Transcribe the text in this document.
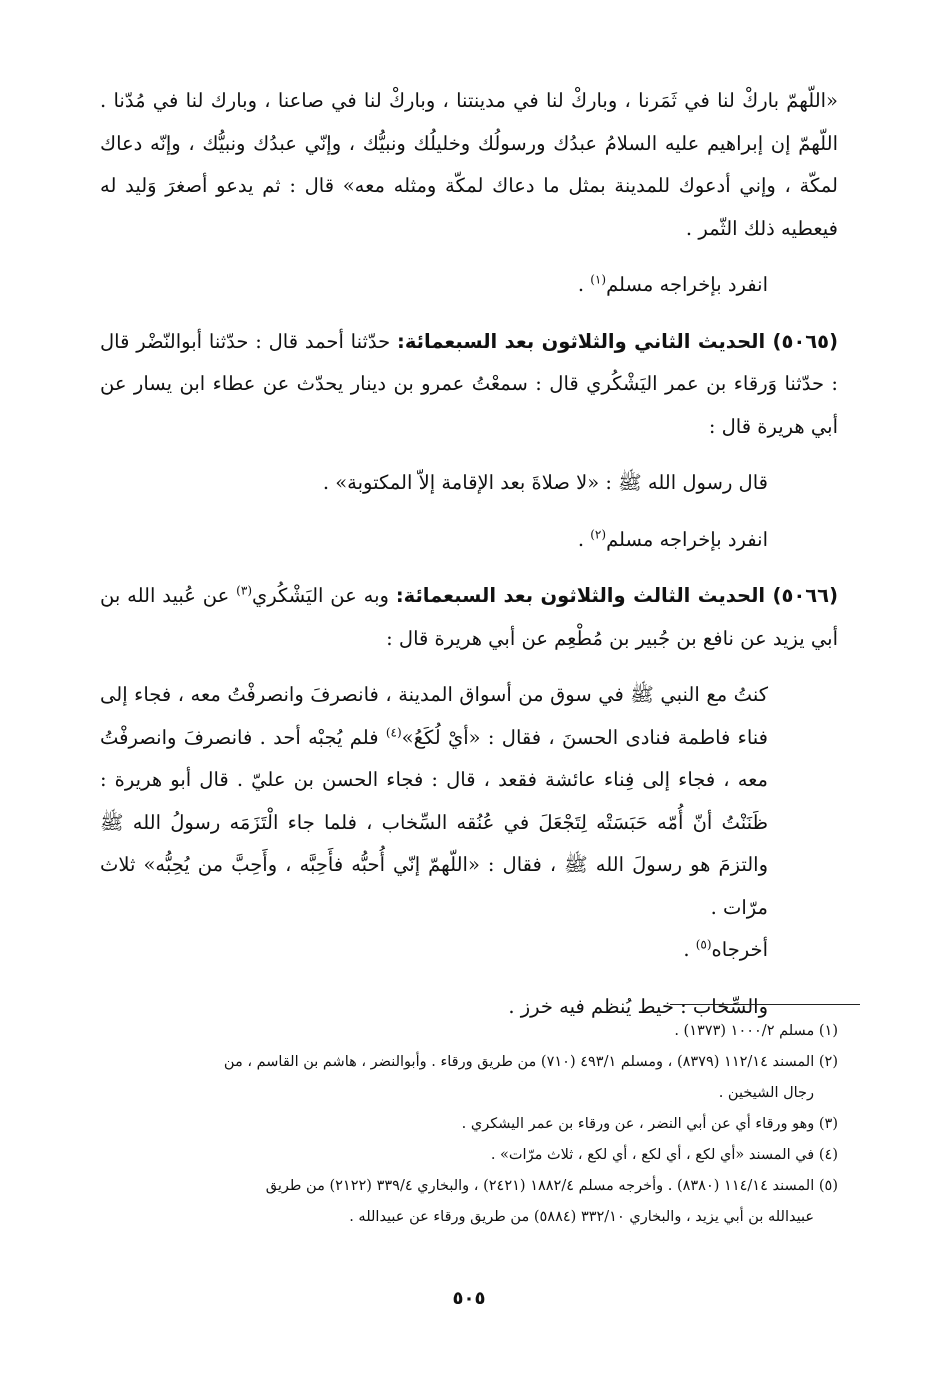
«اللّهمّ باركْ لنا في ثَمَرنا ، وباركْ لنا في مدينتنا ، وباركْ لنا في صاعنا ، وبارك لنا في مُدّنا . اللّهمّ إن إبراهيم عليه السلامُ عبدُك ورسولُك وخليلُك ونبيُّك ، وإنّي عبدُك ونبيُّك ، وإنّه دعاك لمكّة ، وإني أدعوك للمدينة بمثل ما دعاك لمكّة ومثله معه» قال : ثم يدعو أصغرَ وَليد له فيعطيه ذلك الثّمر .

انفرد بإخراجه مسلم$^{(١)}$ .

(٥٠٦٥) الحديث الثاني والثلاثون بعد السبعمائة: حدّثنا أحمد قال : حدّثنا أبوالنّضْر قال : حدّثنا وَرقاء بن عمر اليَشْكُري قال : سمعْتُ عمرو بن دينار يحدّث عن عطاء ابن يسار عن أبي هريرة قال :

قال رسول الله ﷺ : «لا صلاةَ بعد الإقامة إلاّ المكتوبة» .

انفرد بإخراجه مسلم$^{(٢)}$ .

(٥٠٦٦) الحديث الثالث والثلاثون بعد السبعمائة: وبه عن اليَشْكُري$^{(٣)}$ عن عُبيد الله بن أبي يزيد عن نافع بن جُبير بن مُطْعِم عن أبي هريرة قال :

كنتُ مع النبي ﷺ في سوق من أسواق المدينة ، فانصرفَ وانصرفْتُ معه ، فجاء إلى فناء فاطمة فنادى الحسنَ ، فقال : «أيْ لُكَعُ»$^{(٤)}$ فلم يُجبْه أحد . فانصرفَ وانصرفْتُ معه ، فجاء إلى فِناء عائشة فقعد ، قال : فجاء الحسن بن عليّ . قال أبو هريرة : ظَنَنْتُ أنّ أُمّه حَبَسَتْه لِتَجْعَلَ في عُنُقه السِّخاب ، فلما جاء الْتَزَمَه رسولُ الله ﷺ والتزمَ هو رسولَ الله ﷺ ، فقال : «اللّهمّ إنّي أُحبُّه فأَحِبَّه ، وأَحِبَّ من يُحِبُّه» ثلاث مرّات .

أخرجاه$^{(٥)}$ .

والسِّخاب : خيط يُنظم فيه خرز .

(١) مسلم ١٠٠٠/٢ (١٣٧٣) .

(٢) المسند ١١٢/١٤ (٨٣٧٩) ، ومسلم ٤٩٣/١ (٧١٠) من طريق ورقاء . وأبوالنضر ، هاشم بن القاسم ، من

رجال الشيخين .

(٣) وهو ورقاء أي عن أبي النضر ، عن ورقاء بن عمر اليشكري .

(٤) في المسند «أي لكع ، أي لكع ، أي لكع ، ثلاث مرّات» .

(٥) المسند ١١٤/١٤ (٨٣٨٠) . وأخرجه مسلم ١٨٨٢/٤ (٢٤٢١) ، والبخاري ٣٣٩/٤ (٢١٢٢) من طريق

عبيدالله بن أبي يزيد ، والبخاري ٣٣٢/١٠ (٥٨٨٤) من طريق ورقاء عن عبيدالله .

٥٠٥
